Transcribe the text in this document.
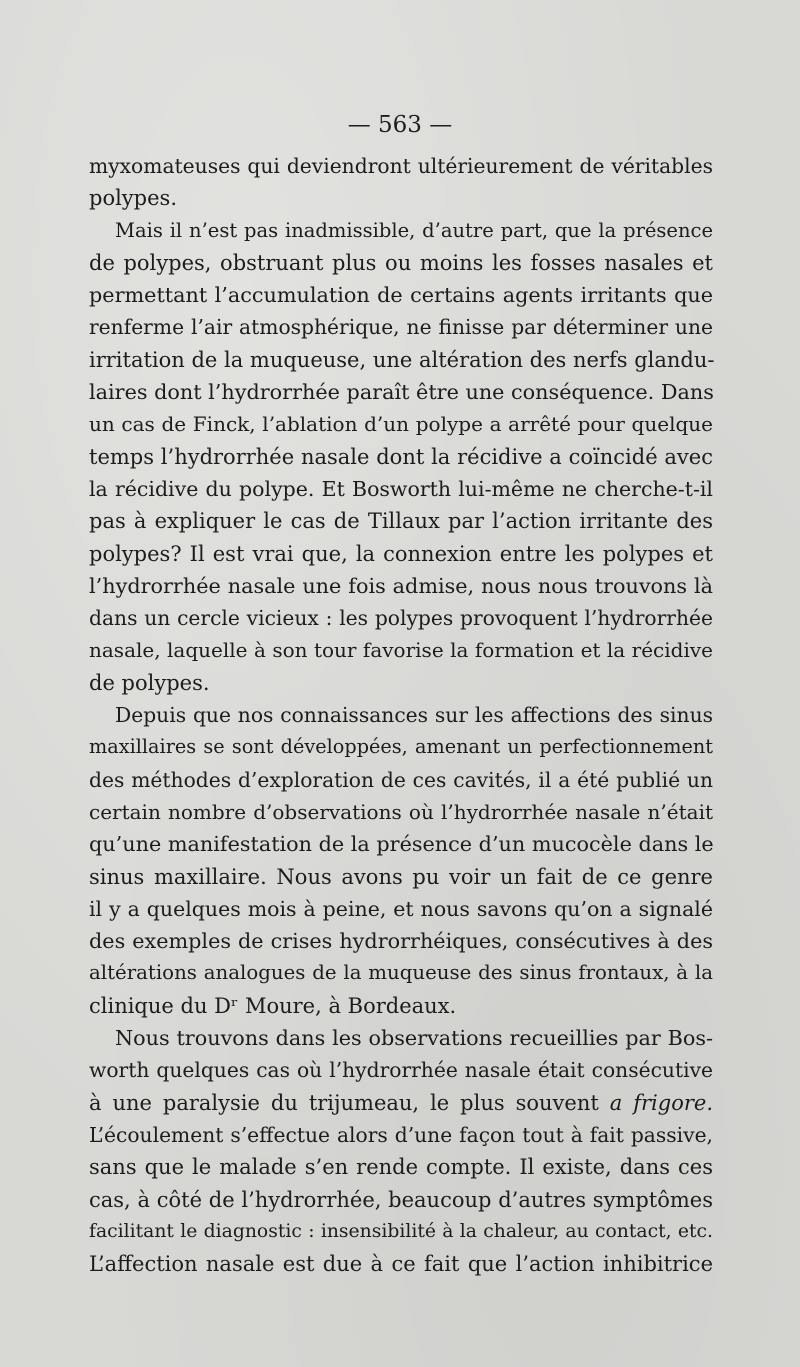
— 563 —

myxomateuses qui deviendront ultérieurement de véritables
polypes.
Mais il n’est pas inadmissible, d’autre part, que la présence
de polypes, obstruant plus ou moins les fosses nasales et
permettant l’accumulation de certains agents irritants que
renferme l’air atmosphérique, ne finisse par déterminer une
irritation de la muqueuse, une altération des nerfs glandu-
laires dont l’hydrorrhée paraît être une conséquence. Dans
un cas de Finck, l’ablation d’un polype a arrêté pour quelque
temps l’hydrorrhée nasale dont la récidive a coïncidé avec
la récidive du polype. Et Bosworth lui-même ne cherche-t-il
pas à expliquer le cas de Tillaux par l’action irritante des
polypes? Il est vrai que, la connexion entre les polypes et
l’hydrorrhée nasale une fois admise, nous nous trouvons là
dans un cercle vicieux : les polypes provoquent l’hydrorrhée
nasale, laquelle à son tour favorise la formation et la récidive
de polypes.
Depuis que nos connaissances sur les affections des sinus
maxillaires se sont développées, amenant un perfectionnement
des méthodes d’exploration de ces cavités, il a été publié un
certain nombre d’observations où l’hydrorrhée nasale n’était
qu’une manifestation de la présence d’un mucocèle dans le
sinus maxillaire. Nous avons pu voir un fait de ce genre
il y a quelques mois à peine, et nous savons qu’on a signalé
des exemples de crises hydrorrhéiques, consécutives à des
altérations analogues de la muqueuse des sinus frontaux, à la
clinique du Dʳ Moure, à Bordeaux.
Nous trouvons dans les observations recueillies par Bos-
worth quelques cas où l’hydrorrhée nasale était consécutive
à une paralysie du trijumeau, le plus souvent a frigore.
L’écoulement s’effectue alors d’une façon tout à fait passive,
sans que le malade s’en rende compte. Il existe, dans ces
cas, à côté de l’hydrorrhée, beaucoup d’autres symptômes
facilitant le diagnostic : insensibilité à la chaleur, au contact, etc.
L’affection nasale est due à ce fait que l’action inhibitrice
